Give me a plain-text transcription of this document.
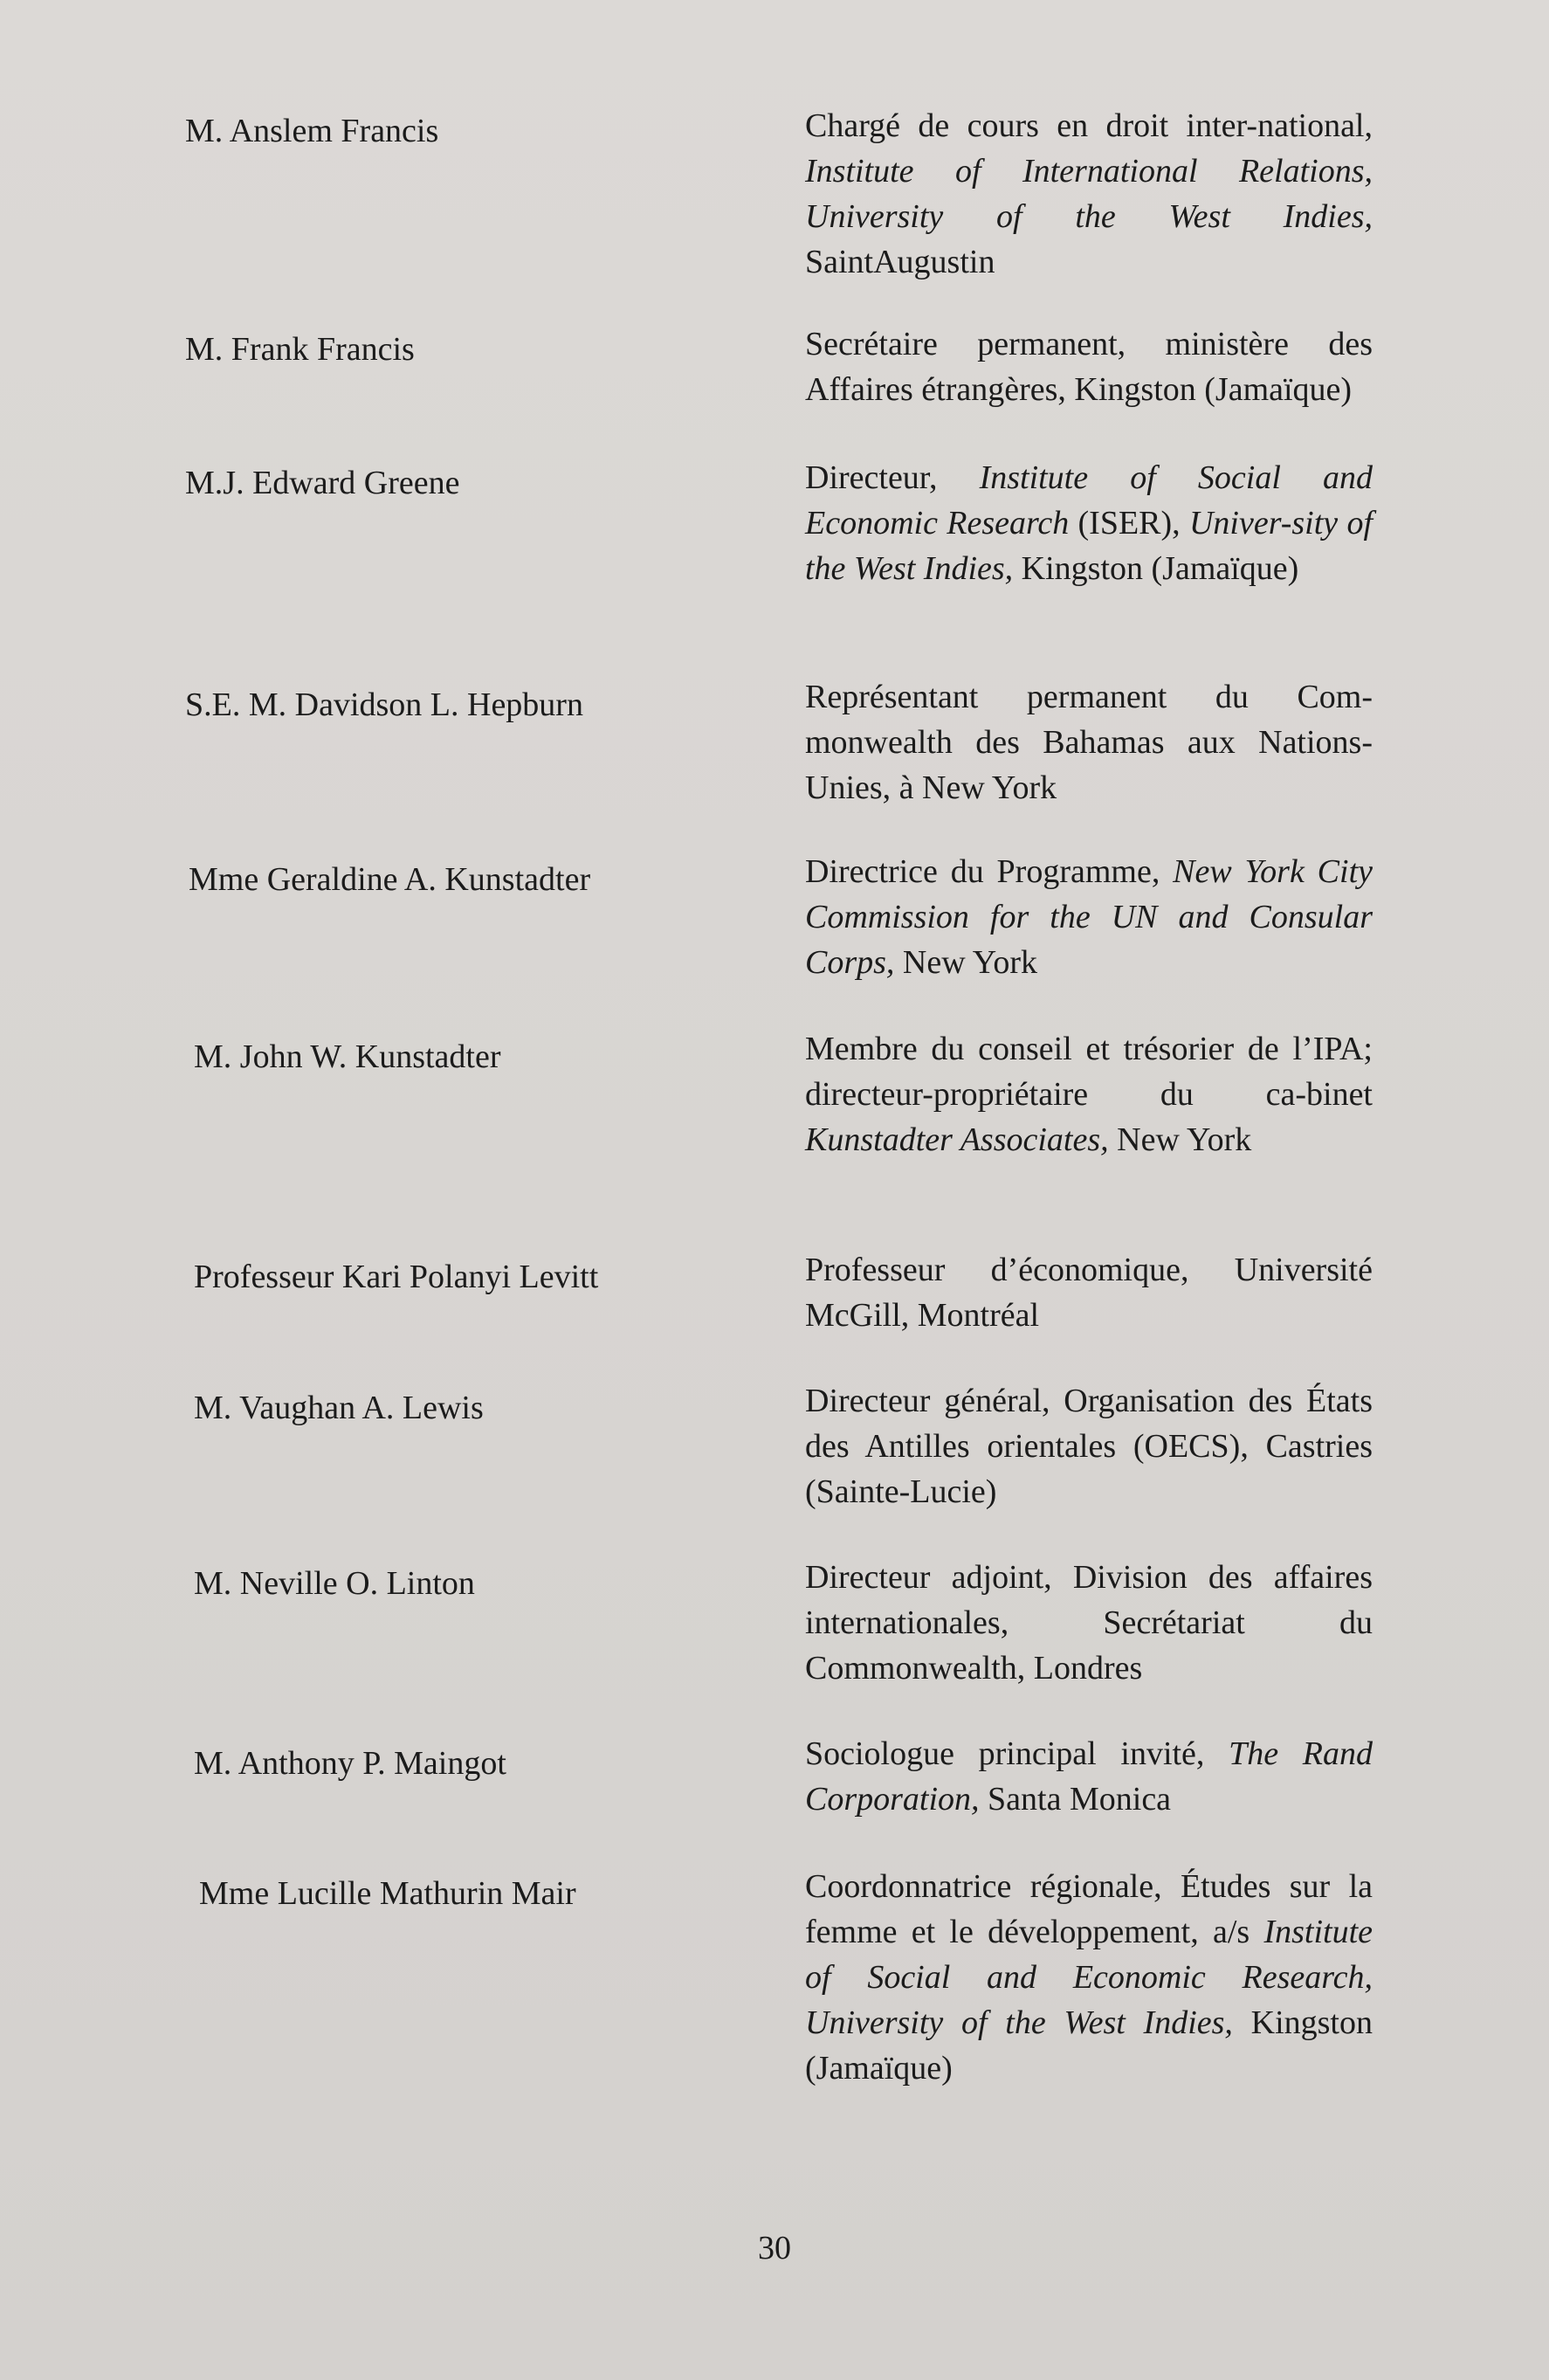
M. Anslem Francis	Chargé de cours en droit inter-national, Institute of International Relations, University of the West Indies, SaintAugustin
M. Frank Francis	Secrétaire permanent, ministère des Affaires étrangères, Kingston (Jamaïque)
M.J. Edward Greene	Directeur, Institute of Social and Economic Research (ISER), Univer-sity of the West Indies, Kingston (Jamaïque)
S.E. M. Davidson L. Hepburn	Représentant permanent du Com-monwealth des Bahamas aux Nations-Unies, à New York
Mme Geraldine A. Kunstadter	Directrice du Programme, New York City Commission for the UN and Consular Corps, New York
M. John W. Kunstadter	Membre du conseil et trésorier de l’IPA; directeur-propriétaire du ca-binet Kunstadter Associates, New York
Professeur Kari Polanyi Levitt	Professeur d’économique, Université McGill, Montréal
M. Vaughan A. Lewis	Directeur général, Organisation des États des Antilles orientales (OECS), Castries (Sainte-Lucie)
M. Neville O. Linton	Directeur adjoint, Division des affaires internationales, Secrétariat du Commonwealth, Londres
M. Anthony P. Maingot	Sociologue principal invité, The Rand Corporation, Santa Monica
Mme Lucille Mathurin Mair	Coordonnatrice régionale, Études sur la femme et le développement, a/s Institute of Social and Economic Research, University of the West Indies, Kingston (Jamaïque)
30
